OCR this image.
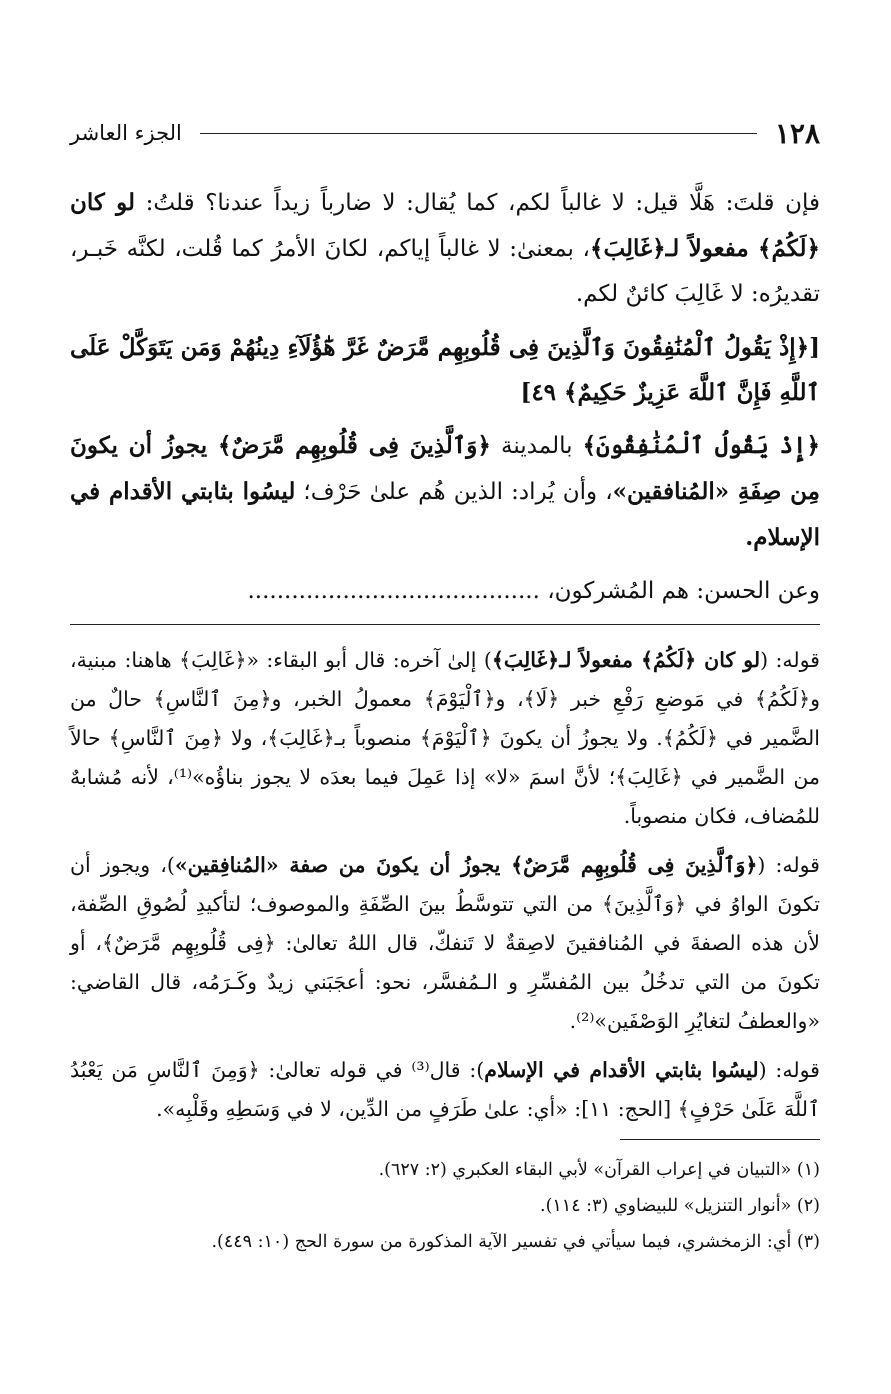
١٢٨
الجزء العاشر

فإن قلتَ: هَلَّا قيل: لا غالباً لكم، كما يُقال: لا ضارباً زيداً عندنا؟ قلتُ: لو كان ﴿لَكُمُ﴾ مفعولاً لـ﴿غَالِبَ﴾، بمعنىٰ: لا غالباً إياكم، لكانَ الأمرُ كما قُلت، لكنَّه خَبـر، تقديرُه: لا غَالِبَ كائنٌ لكم.

[﴿إِذْ يَقُولُ ٱلْمُنَٰفِقُونَ وَٱلَّذِينَ فِى قُلُوبِهِم مَّرَضٌ غَرَّ هَٰٓؤُلَآءِ دِينُهُمْ وَمَن يَتَوَكَّلْ عَلَى ٱللَّهِ فَإِنَّ ٱللَّهَ عَزِيزٌ حَكِيمٌ﴾ ٤٩]

﴿إِذْ يَقُولُ ٱلْمُنَٰفِقُونَ﴾ بالمدينة ﴿وَٱلَّذِينَ فِى قُلُوبِهِم مَّرَضٌ﴾ يجوزُ أن يكونَ مِن صِفَةِ «المُنافقين»، وأن يُراد: الذين هُم علىٰ حَرْف؛ ليسُوا بثابتي الأقدام في الإسلام.

وعن الحسن: هم المُشركون، ........................................

قوله: (لو كان ﴿لَكُمُ﴾ مفعولاً لـ﴿غَالِبَ﴾) إلىٰ آخره: قال أبو البقاء: «﴿غَالِبَ﴾ هاهنا: مبنية، و﴿لَكُمُ﴾ في مَوضعِ رَفْعِ خبر ﴿لَا﴾، و﴿ٱلْيَوْمَ﴾ معمولُ الخبر، و﴿مِنَ ٱلنَّاسِ﴾ حالٌ من الضَّمير في ﴿لَكُمُ﴾. ولا يجوزُ أن يكونَ ﴿ٱلْيَوْمَ﴾ منصوباً بـ﴿غَالِبَ﴾، ولا ﴿مِنَ ٱلنَّاسِ﴾ حالاً من الضَّمير في ﴿غَالِبَ﴾؛ لأنَّ اسمَ «لا» إذا عَمِلَ فيما بعدَه لا يجوز بناؤُه»⁽¹⁾، لأنه مُشابهٌ للمُضاف، فكان منصوباً.

قوله: (﴿وَٱلَّذِينَ فِى قُلُوبِهِم مَّرَضٌ﴾ يجوزُ أن يكونَ من صفة «المُنافِقين»)، ويجوز أن تكونَ الواوُ في ﴿وَٱلَّذِينَ﴾ من التي تتوسَّطُ بينَ الصِّفَةِ والموصوف؛ لتأكيدِ لُصُوقِ الصِّفة، لأن هذه الصفةَ في المُنافقينَ لاصِقةٌ لا تَنفكّ، قال اللهُ تعالىٰ: ﴿فِى قُلُوبِهِم مَّرَضٌ﴾، أو تكونَ من التي تدخُلُ بين المُفسِّرِ و الـمُفسَّر، نحو: أعجَبَني زيدٌ وكَـرَمُه، قال القاضي: «والعطفُ لتغايُرِ الوَصْفَين»⁽²⁾.

قوله: (ليسُوا بثابتي الأقدام في الإسلام): قال⁽³⁾ في قوله تعالىٰ: ﴿وَمِنَ ٱلنَّاسِ مَن يَعْبُدُ ٱللَّهَ عَلَىٰ حَرْفٍ﴾ [الحج: ١١]: «أي: علىٰ طَرَفٍ من الدِّين، لا في وَسَطِهِ وقَلْبِه».

(١) «التبيان في إعراب القرآن» لأبي البقاء العكبري (٢: ٦٢٧).

(٢) «أنوار التنزيل» للبيضاوي (٣: ١١٤).

(٣) أي: الزمخشري، فيما سيأتي في تفسير الآية المذكورة من سورة الحج (١٠: ٤٤٩).
